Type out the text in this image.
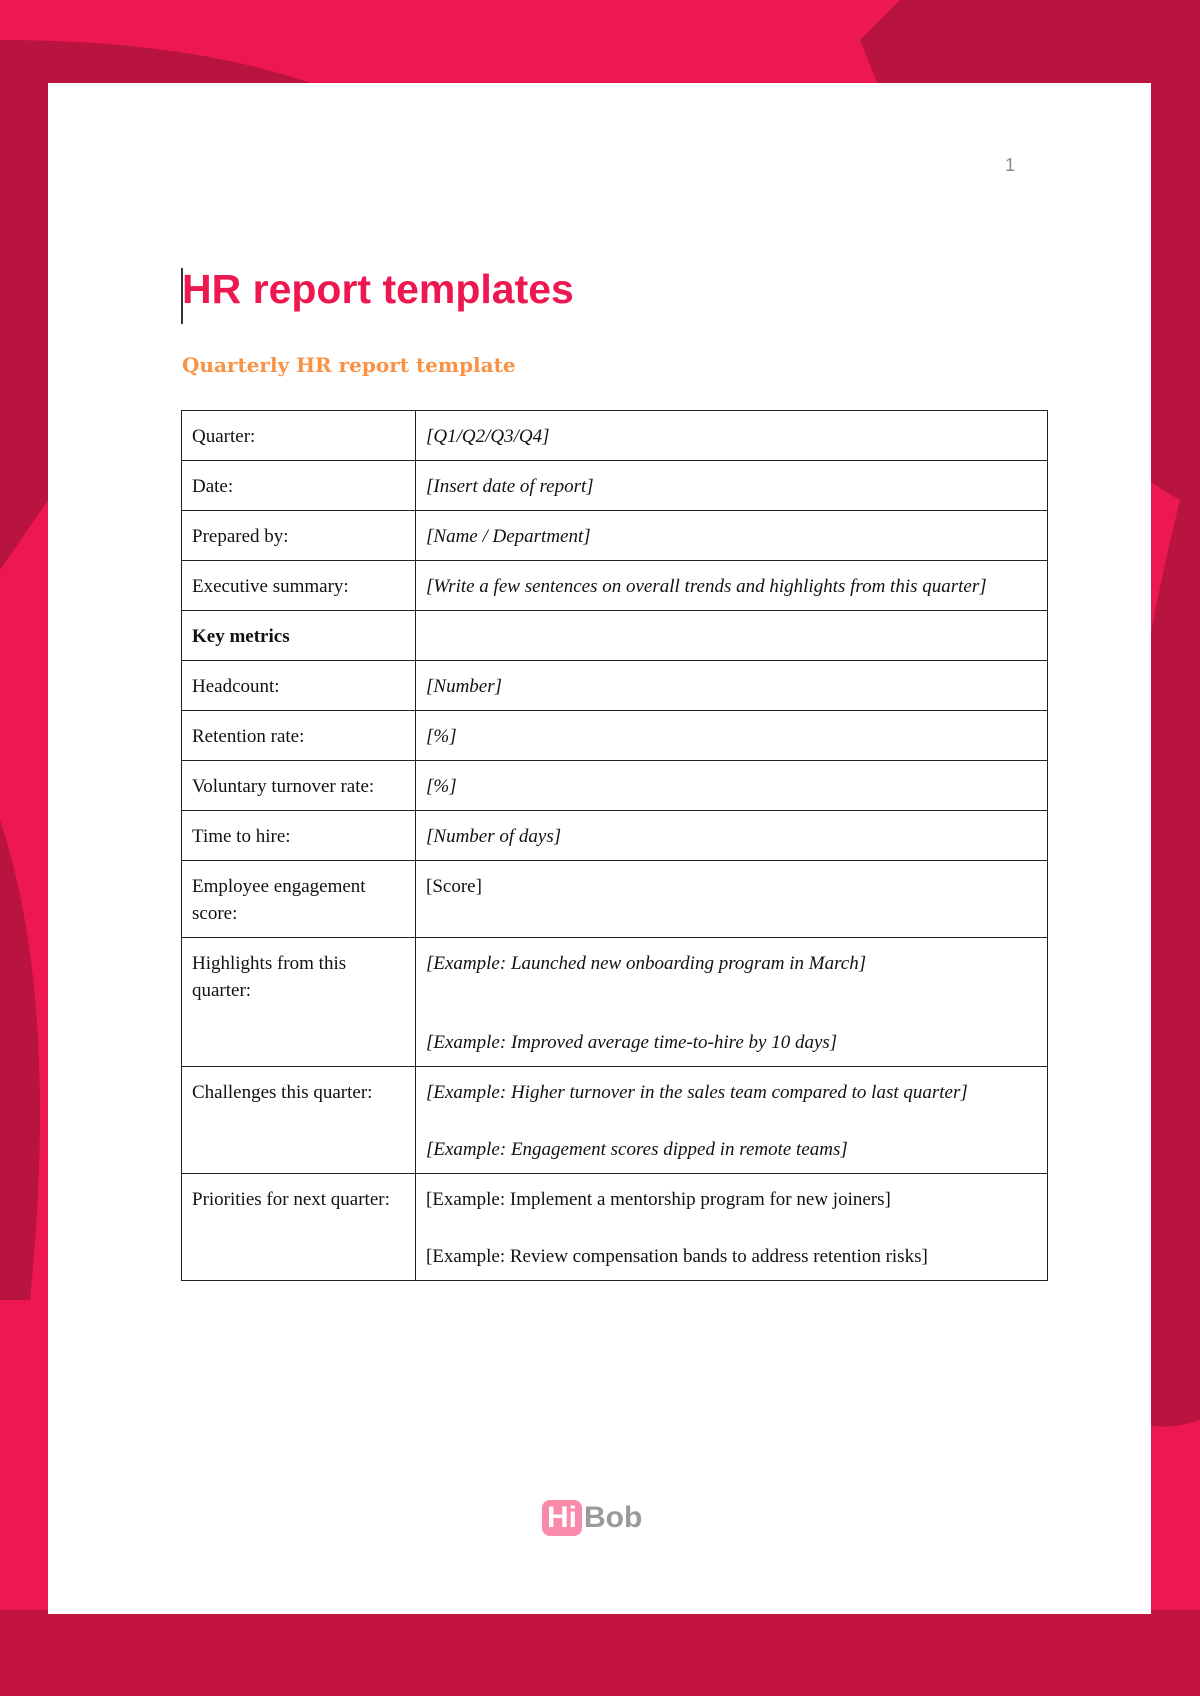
1
HR report templates
Quarterly HR report template
Quarter:	[Q1/Q2/Q3/Q4]

Date:	[Insert date of report]

Prepared by:	[Name / Department]

Executive summary:	[Write a few sentences on overall trends and highlights from this quarter]

Key metrics	

Headcount:	[Number]

Retention rate:	[%]

Voluntary turnover rate:	[%]

Time to hire:	[Number of days]

Employee engagement score:	[Score]

Highlights from this quarter:	[Example: Launched new onboarding program in March]
[Example: Improved average time-to-hire by 10 days]

Challenges this quarter:	[Example: Higher turnover in the sales team compared to last quarter]
[Example: Engagement scores dipped in remote teams]

Priorities for next quarter:	[Example: Implement a mentorship program for new joiners]
[Example: Review compensation bands to address retention risks]
Hi Bob
